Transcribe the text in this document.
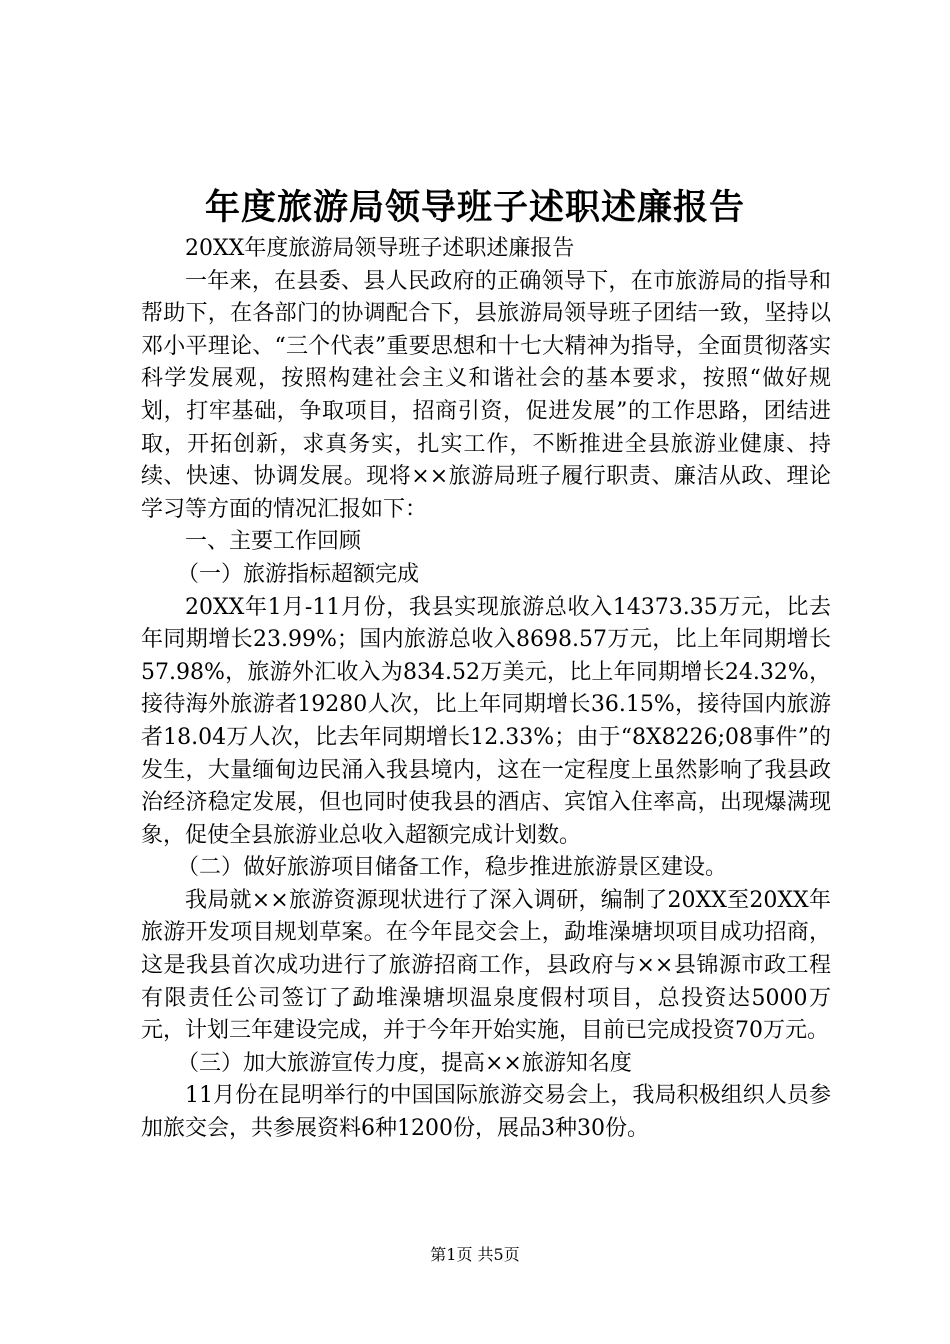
年度旅游局领导班子述职述廉报告

20XX年度旅游局领导班子述职述廉报告

一年来，在县委、县人民政府的正确领导下，在市旅游局的指导和帮助下，在各部门的协调配合下，县旅游局领导班子团结一致，坚持以邓小平理论、“三个代表”重要思想和十七大精神为指导，全面贯彻落实科学发展观，按照构建社会主义和谐社会的基本要求，按照“做好规划，打牢基础，争取项目，招商引资，促进发展”的工作思路，团结进取，开拓创新，求真务实，扎实工作，不断推进全县旅游业健康、持续、快速、协调发展。现将××旅游局班子履行职责、廉洁从政、理论学习等方面的情况汇报如下：

一、主要工作回顾

（一）旅游指标超额完成

20XX年1月-11月份，我县实现旅游总收入14373.35万元，比去年同期增长23.99%；国内旅游总收入8698.57万元，比上年同期增长57.98%，旅游外汇收入为834.52万美元，比上年同期增长24.32%，接待海外旅游者19280人次，比上年同期增长36.15%，接待国内旅游者18.04万人次，比去年同期增长12.33%；由于“8X8226;08事件”的发生，大量缅甸边民涌入我县境内，这在一定程度上虽然影响了我县政治经济稳定发展，但也同时使我县的酒店、宾馆入住率高，出现爆满现象，促使全县旅游业总收入超额完成计划数。

（二）做好旅游项目储备工作，稳步推进旅游景区建设。

我局就××旅游资源现状进行了深入调研，编制了20XX至20XX年旅游开发项目规划草案。在今年昆交会上，勐堆澡塘坝项目成功招商，这是我县首次成功进行了旅游招商工作，县政府与××县锦源市政工程有限责任公司签订了勐堆澡塘坝温泉度假村项目，总投资达5000万元，计划三年建设完成，并于今年开始实施，目前已完成投资70万元。

（三）加大旅游宣传力度，提高××旅游知名度

11月份在昆明举行的中国国际旅游交易会上，我局积极组织人员参加旅交会，共参展资料6种1200份，展品3种30份。

第1页 共5页
